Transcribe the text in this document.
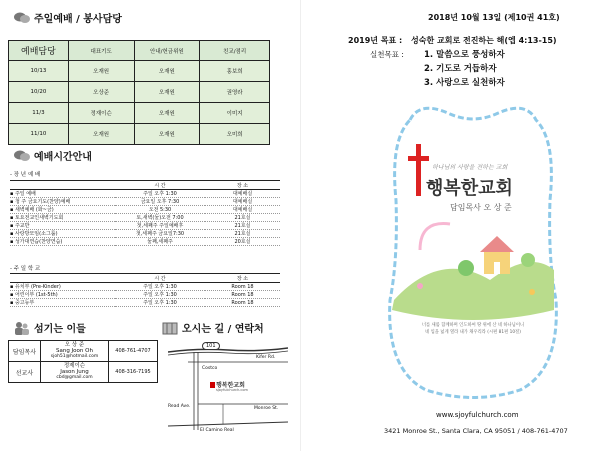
주일예배 / 봉사담당
예배담당	대표기도	안내/헌금위원	친교/점리
10/13	오재원	오재원	홍보희
10/20	오상준	오재원	권영라
11/3	정재이슨	오재원	이미지
11/10	오재원	오재원	오미희
예배시간안내
- 장 년 예 배
	시 간	장 소
▪ 주일 예배	주일 오후 1:30	대예배실
▪ 청 주 금요기도(찬양)예배	금요일 오후 7:30	대예배실
▪ 새벽예배 (화~금)	오전 5:30	대예배실
▪ 토요전교인새벽기도회	토,새벽(둘)오전 7:00	21호실
▪ 주교반	첫,세째주 주일예배후	21호실
▪ 사랑방모임(소그룹)	첫,세째주 금요일7:30	21호실
▪ 성가대연습(찬양연습)	둘째,세째주	20호실
- 주 일 학 교
	시 간	장 소
▪ 유치부 (Pre-Kinder)	주일 오후 1:30	Room 18
▪ 어린이부 (1st-5th)	주일 오후 1:30	Room 18
▪ 중고등부	주일 오후 1:30	Room 18
섬기는 이들
담임목사	오 상 준
Sang Joon Oh
sjoh51@hotmail.com	408-761-4707
선교사	정제이슨
Jason Jung
cbd@gmail.com	408-316-7195
오시는 길 / 연락처
101
Kifer Rd.
Costco
행복한교회
sjoyfulchurch.com
Monroe St.
Read Ave.
El Camino Real
2018년 10월 13일 (제10권 41호)
2019년 목표 : 성숙한 교회로 전진하는 해(엡 4:13-15)
실천목표 : 1. 말씀으로 풍성하자
2. 기도로 거듭하자
3. 사랑으로 실천하자
하나님의 사랑을 전하는 교회
행복한교회
담임목사 오 상 준
너를 새롭 함께하며 인도하여 땅 위에 산 네 하나님이니
네 입을 넓게 열라 내가 채우리라 (시편 81편 10절)
www.sjoyfulchurch.com
3421 Monroe St., Santa Clara, CA 95051 / 408-761-4707
